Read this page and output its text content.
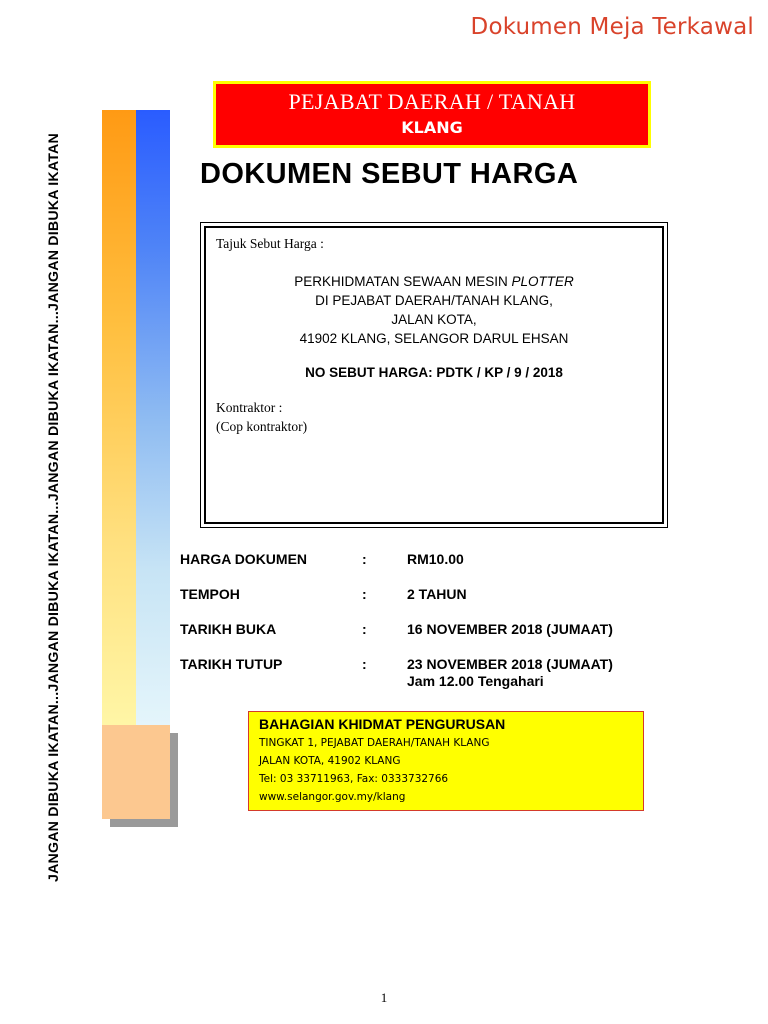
Dokumen Meja Terkawal
JANGAN DIBUKA IKATAN...JANGAN DIBUKA IKATAN...JANGAN DIBUKA IKATAN...JANGAN DIBUKA IKATAN
PEJABAT DAERAH / TANAH
KLANG
DOKUMEN SEBUT HARGA
Tajuk Sebut Harga :
PERKHIDMATAN SEWAAN MESIN PLOTTER
DI PEJABAT DAERAH/TANAH KLANG,
JALAN KOTA,
41902 KLANG, SELANGOR DARUL EHSAN
NO SEBUT HARGA: PDTK / KP / 9 / 2018
Kontraktor :
(Cop kontraktor)
HARGA DOKUMEN	:	RM10.00
TEMPOH	:	2 TAHUN
TARIKH BUKA	:	16 NOVEMBER 2018 (JUMAAT)
TARIKH TUTUP	:	23 NOVEMBER 2018 (JUMAAT)
Jam 12.00 Tengahari
BAHAGIAN KHIDMAT PENGURUSAN
TINGKAT 1, PEJABAT DAERAH/TANAH KLANG
JALAN KOTA, 41902 KLANG
Tel: 03 33711963, Fax: 0333732766
www.selangor.gov.my/klang
1
